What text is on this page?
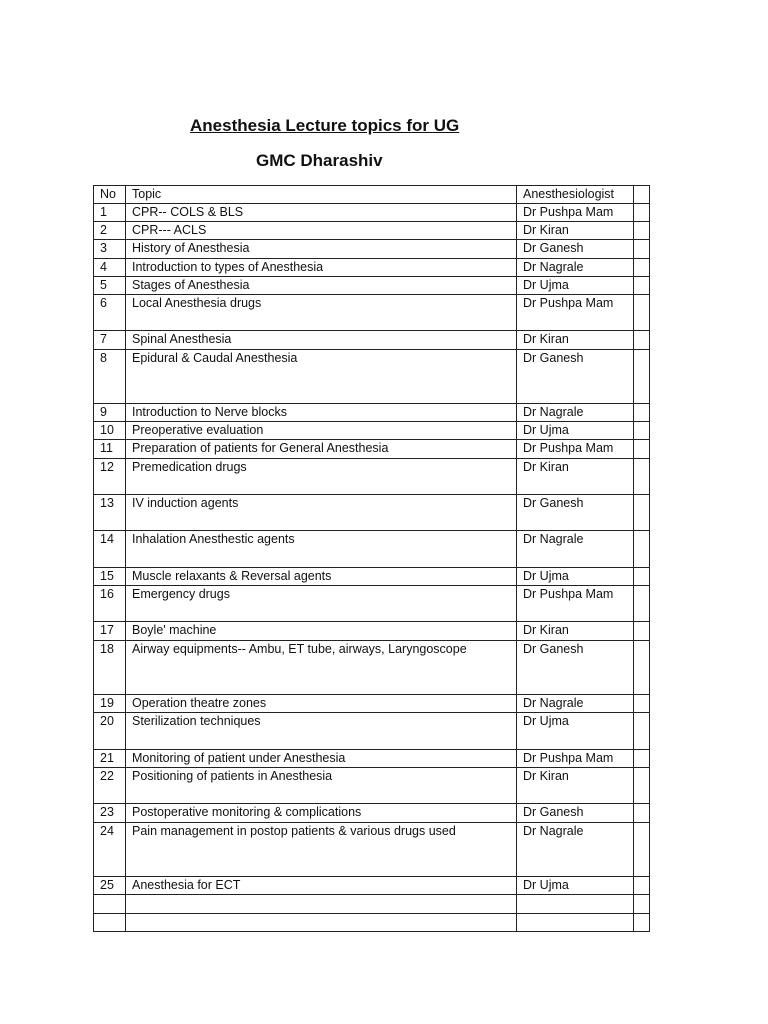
Anesthesia Lecture topics for UG
GMC Dharashiv
No	Topic	Anesthesiologist	
1	CPR-- COLS & BLS	Dr Pushpa Mam	
2	CPR--- ACLS	Dr Kiran	
3	History of Anesthesia	Dr Ganesh	
4	Introduction to types of Anesthesia	Dr Nagrale	
5	Stages of Anesthesia	Dr Ujma	
6	Local Anesthesia drugs	Dr Pushpa Mam	
7	Spinal Anesthesia	Dr Kiran	
8	Epidural & Caudal Anesthesia	Dr Ganesh	
9	Introduction to Nerve blocks	Dr Nagrale	
10	Preoperative evaluation	Dr Ujma	
11	Preparation of patients for General Anesthesia	Dr Pushpa Mam	
12	Premedication drugs	Dr Kiran	
13	IV induction agents	Dr Ganesh	
14	Inhalation Anesthestic agents	Dr Nagrale	
15	Muscle relaxants & Reversal agents	Dr Ujma	
16	Emergency drugs	Dr Pushpa Mam	
17	Boyle' machine	Dr Kiran	
18	Airway equipments-- Ambu, ET tube, airways, Laryngoscope	Dr Ganesh	
19	Operation theatre zones	Dr Nagrale	
20	Sterilization techniques	Dr Ujma	
21	Monitoring of patient under Anesthesia	Dr Pushpa Mam	
22	Positioning of patients in Anesthesia	Dr Kiran	
23	Postoperative monitoring & complications	Dr Ganesh	
24	Pain management in postop patients & various drugs used	Dr Nagrale	
25	Anesthesia for ECT	Dr Ujma	
